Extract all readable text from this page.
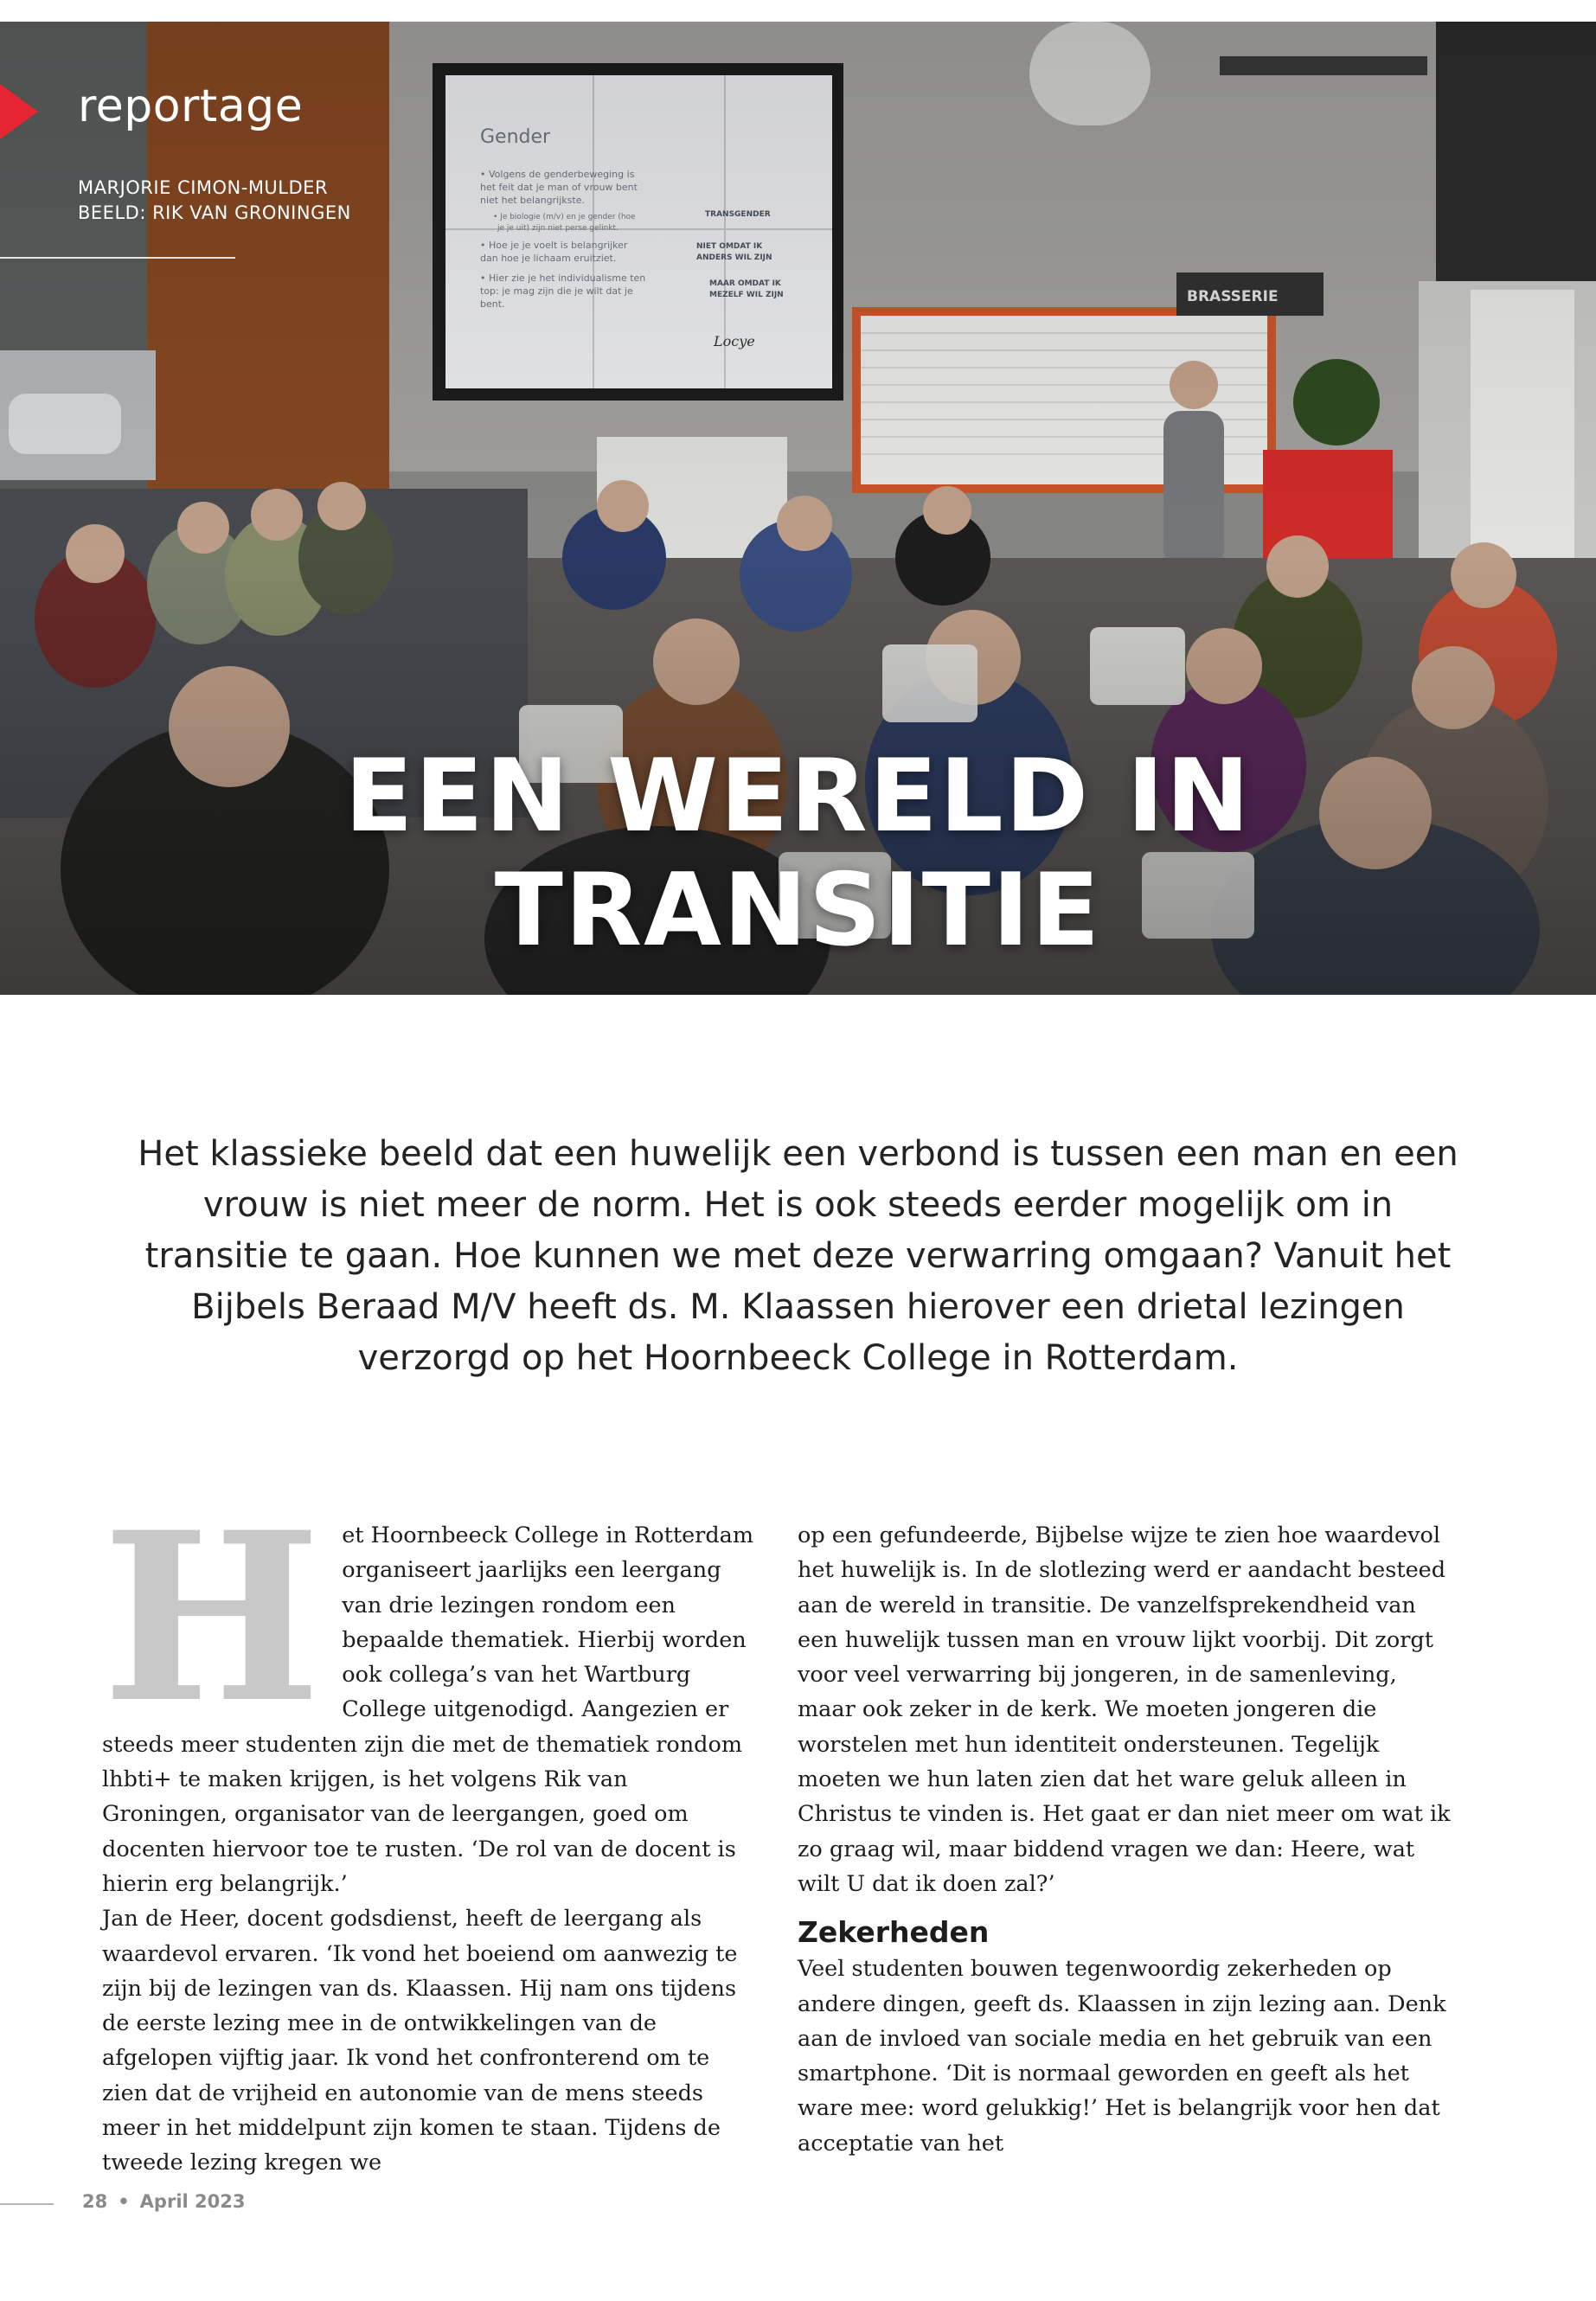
reportage
MARJORIE CIMON-MULDER
BEELD: RIK VAN GRONINGEN
EEN WERELD IN
TRANSITIE
Het klassieke beeld dat een huwelijk een verbond is tussen een man en een vrouw is niet meer de norm. Het is ook steeds eerder mogelijk om in transitie te gaan. Hoe kunnen we met deze verwarring omgaan? Vanuit het Bijbels Beraad M/V heeft ds. M. Klaassen hierover een drietal lezingen verzorgd op het Hoornbeeck College in Rotterdam.
H et Hoornbeeck College in Rotterdam organiseert jaarlijks een leergang van drie lezingen rondom een bepaalde thematiek. Hierbij worden ook collega’s van het Wartburg College uitgenodigd. Aangezien er steeds meer studenten zijn die met de thematiek rondom lhbti+ te maken krijgen, is het volgens Rik van Groningen, organisator van de leergangen, goed om docenten hiervoor toe te rusten. ‘De rol van de docent is hierin erg belangrijk.’

Jan de Heer, docent godsdienst, heeft de leergang als waardevol ervaren. ‘Ik vond het boeiend om aanwezig te zijn bij de lezingen van ds. Klaassen. Hij nam ons tijdens de eerste lezing mee in de ontwikkelingen van de afgelopen vijftig jaar. Ik vond het confronterend om te zien dat de vrijheid en autonomie van de mens steeds meer in het middelpunt zijn komen te staan. Tijdens de tweede lezing kregen we

op een gefundeerde, Bijbelse wijze te zien hoe waardevol het huwelijk is. In de slotlezing werd er aandacht besteed aan de wereld in transitie. De vanzelfsprekendheid van een huwelijk tussen man en vrouw lijkt voorbij. Dit zorgt voor veel verwarring bij jongeren, in de samenleving, maar ook zeker in de kerk. We moeten jongeren die worstelen met hun identiteit ondersteunen. Tegelijk moeten we hun laten zien dat het ware geluk alleen in Christus te vinden is. Het gaat er dan niet meer om wat ik zo graag wil, maar biddend vragen we dan: Heere, wat wilt U dat ik doen zal?’

Zekerheden

Veel studenten bouwen tegenwoordig zekerheden op andere dingen, geeft ds. Klaassen in zijn lezing aan. Denk aan de invloed van sociale media en het gebruik van een smartphone. ‘Dit is normaal geworden en geeft als het ware mee: word gelukkig!’ Het is belangrijk voor hen dat acceptatie van het

28 • April 2023
